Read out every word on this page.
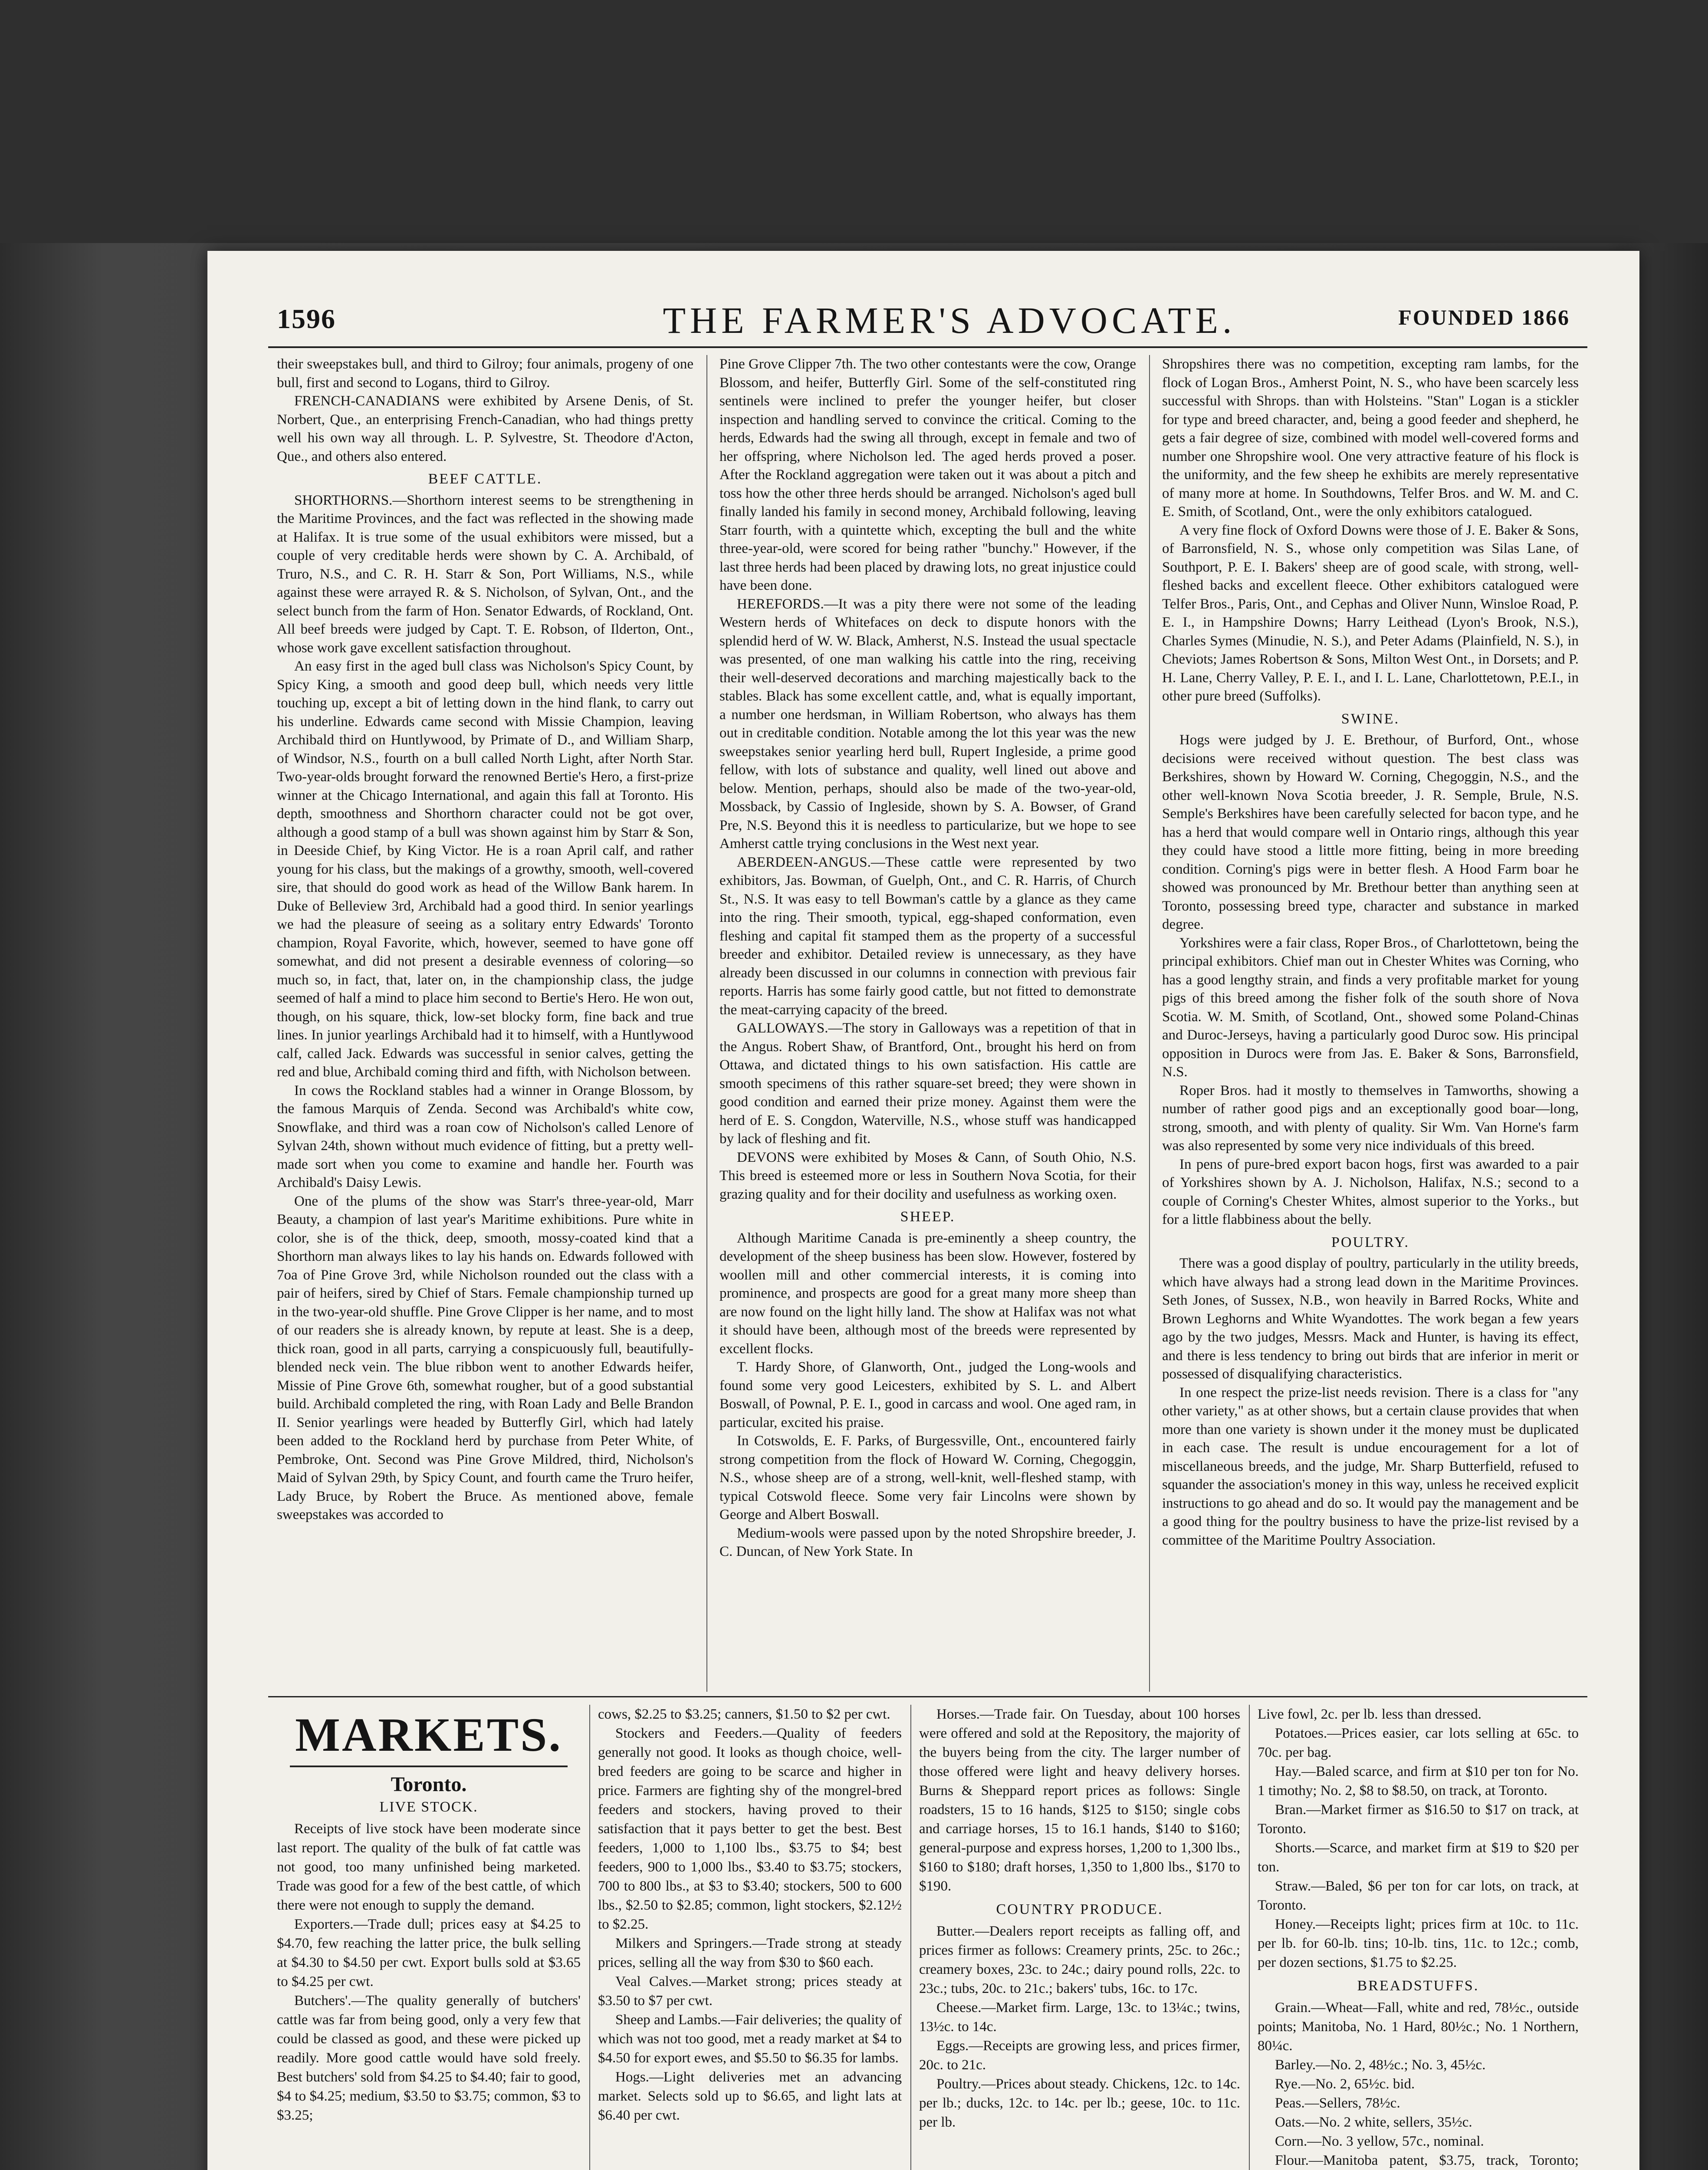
1596	THE FARMER'S ADVOCATE.	FOUNDED 1866

their sweepstakes bull, and third to Gilroy; four animals, progeny of one bull, first and second to Logans, third to Gilroy.

FRENCH-CANADIANS were exhibited by Arsene Denis, of St. Norbert, Que., an enterprising French-Canadian, who had things pretty well his own way all through. L. P. Sylvestre, St. Theodore d'Acton, Que., and others also entered.

BEEF CATTLE.

SHORTHORNS.—Shorthorn interest seems to be strengthening in the Maritime Provinces, and the fact was reflected in the showing made at Halifax. It is true some of the usual exhibitors were missed, but a couple of very creditable herds were shown by C. A. Archibald, of Truro, N.S., and C. R. H. Starr & Son, Port Williams, N.S., while against these were arrayed R. & S. Nicholson, of Sylvan, Ont., and the select bunch from the farm of Hon. Senator Edwards, of Rockland, Ont. All beef breeds were judged by Capt. T. E. Robson, of Ilderton, Ont., whose work gave excellent satisfaction throughout.

An easy first in the aged bull class was Nicholson's Spicy Count, by Spicy King, a smooth and good deep bull, which needs very little touching up, except a bit of letting down in the hind flank, to carry out his underline. Edwards came second with Missie Champion, leaving Archibald third on Huntlywood, by Primate of D., and William Sharp, of Windsor, N.S., fourth on a bull called North Light, after North Star. Two-year-olds brought forward the renowned Bertie's Hero, a first-prize winner at the Chicago International, and again this fall at Toronto. His depth, smoothness and Shorthorn character could not be got over, although a good stamp of a bull was shown against him by Starr & Son, in Deeside Chief, by King Victor. He is a roan April calf, and rather young for his class, but the makings of a growthy, smooth, well-covered sire, that should do good work as head of the Willow Bank harem. In Duke of Belleview 3rd, Archibald had a good third. In senior yearlings we had the pleasure of seeing as a solitary entry Edwards' Toronto champion, Royal Favorite, which, however, seemed to have gone off somewhat, and did not present a desirable evenness of coloring—so much so, in fact, that, later on, in the championship class, the judge seemed of half a mind to place him second to Bertie's Hero. He won out, though, on his square, thick, low-set blocky form, fine back and true lines. In junior yearlings Archibald had it to himself, with a Huntlywood calf, called Jack. Edwards was successful in senior calves, getting the red and blue, Archibald coming third and fifth, with Nicholson between.

In cows the Rockland stables had a winner in Orange Blossom, by the famous Marquis of Zenda. Second was Archibald's white cow, Snowflake, and third was a roan cow of Nicholson's called Lenore of Sylvan 24th, shown without much evidence of fitting, but a pretty well-made sort when you come to examine and handle her. Fourth was Archibald's Daisy Lewis.

One of the plums of the show was Starr's three-year-old, Marr Beauty, a champion of last year's Maritime exhibitions. Pure white in color, she is of the thick, deep, smooth, mossy-coated kind that a Shorthorn man always likes to lay his hands on. Edwards followed with 7oa of Pine Grove 3rd, while Nicholson rounded out the class with a pair of heifers, sired by Chief of Stars. Female championship turned up in the two-year-old shuffle. Pine Grove Clipper is her name, and to most of our readers she is already known, by repute at least. She is a deep, thick roan, good in all parts, carrying a conspicuously full, beautifully-blended neck vein. The blue ribbon went to another Edwards heifer, Missie of Pine Grove 6th, somewhat rougher, but of a good substantial build. Archibald completed the ring, with Roan Lady and Belle Brandon II. Senior yearlings were headed by Butterfly Girl, which had lately been added to the Rockland herd by purchase from Peter White, of Pembroke, Ont. Second was Pine Grove Mildred, third, Nicholson's Maid of Sylvan 29th, by Spicy Count, and fourth came the Truro heifer, Lady Bruce, by Robert the Bruce. As mentioned above, female sweepstakes was accorded to

Pine Grove Clipper 7th. The two other contestants were the cow, Orange Blossom, and heifer, Butterfly Girl. Some of the self-constituted ring sentinels were inclined to prefer the younger heifer, but closer inspection and handling served to convince the critical. Coming to the herds, Edwards had the swing all through, except in female and two of her offspring, where Nicholson led. The aged herds proved a poser. After the Rockland aggregation were taken out it was about a pitch and toss how the other three herds should be arranged. Nicholson's aged bull finally landed his family in second money, Archibald following, leaving Starr fourth, with a quintette which, excepting the bull and the white three-year-old, were scored for being rather "bunchy." However, if the last three herds had been placed by drawing lots, no great injustice could have been done.

HEREFORDS.—It was a pity there were not some of the leading Western herds of Whitefaces on deck to dispute honors with the splendid herd of W. W. Black, Amherst, N.S. Instead the usual spectacle was presented, of one man walking his cattle into the ring, receiving their well-deserved decorations and marching majestically back to the stables. Black has some excellent cattle, and, what is equally important, a number one herdsman, in William Robertson, who always has them out in creditable condition. Notable among the lot this year was the new sweepstakes senior yearling herd bull, Rupert Ingleside, a prime good fellow, with lots of substance and quality, well lined out above and below. Mention, perhaps, should also be made of the two-year-old, Mossback, by Cassio of Ingleside, shown by S. A. Bowser, of Grand Pre, N.S. Beyond this it is needless to particularize, but we hope to see Amherst cattle trying conclusions in the West next year.

ABERDEEN-ANGUS.—These cattle were represented by two exhibitors, Jas. Bowman, of Guelph, Ont., and C. R. Harris, of Church St., N.S. It was easy to tell Bowman's cattle by a glance as they came into the ring. Their smooth, typical, egg-shaped conformation, even fleshing and capital fit stamped them as the property of a successful breeder and exhibitor. Detailed review is unnecessary, as they have already been discussed in our columns in connection with previous fair reports. Harris has some fairly good cattle, but not fitted to demonstrate the meat-carrying capacity of the breed.

GALLOWAYS.—The story in Galloways was a repetition of that in the Angus. Robert Shaw, of Brantford, Ont., brought his herd on from Ottawa, and dictated things to his own satisfaction. His cattle are smooth specimens of this rather square-set breed; they were shown in good condition and earned their prize money. Against them were the herd of E. S. Congdon, Waterville, N.S., whose stuff was handicapped by lack of fleshing and fit.

DEVONS were exhibited by Moses & Cann, of South Ohio, N.S. This breed is esteemed more or less in Southern Nova Scotia, for their grazing quality and for their docility and usefulness as working oxen.

SHEEP.

Although Maritime Canada is pre-eminently a sheep country, the development of the sheep business has been slow. However, fostered by woollen mill and other commercial interests, it is coming into prominence, and prospects are good for a great many more sheep than are now found on the light hilly land. The show at Halifax was not what it should have been, although most of the breeds were represented by excellent flocks.

T. Hardy Shore, of Glanworth, Ont., judged the Long-wools and found some very good Leicesters, exhibited by S. L. and Albert Boswall, of Pownal, P. E. I., good in carcass and wool. One aged ram, in particular, excited his praise.

In Cotswolds, E. F. Parks, of Burgessville, Ont., encountered fairly strong competition from the flock of Howard W. Corning, Chegoggin, N.S., whose sheep are of a strong, well-knit, well-fleshed stamp, with typical Cotswold fleece. Some very fair Lincolns were shown by George and Albert Boswall.

Medium-wools were passed upon by the noted Shropshire breeder, J. C. Duncan, of New York State. In

Shropshires there was no competition, excepting ram lambs, for the flock of Logan Bros., Amherst Point, N. S., who have been scarcely less successful with Shrops. than with Holsteins. "Stan" Logan is a stickler for type and breed character, and, being a good feeder and shepherd, he gets a fair degree of size, combined with model well-covered forms and number one Shropshire wool. One very attractive feature of his flock is the uniformity, and the few sheep he exhibits are merely representative of many more at home. In Southdowns, Telfer Bros. and W. M. and C. E. Smith, of Scotland, Ont., were the only exhibitors catalogued.

A very fine flock of Oxford Downs were those of J. E. Baker & Sons, of Barronsfield, N. S., whose only competition was Silas Lane, of Southport, P. E. I. Bakers' sheep are of good scale, with strong, well-fleshed backs and excellent fleece. Other exhibitors catalogued were Telfer Bros., Paris, Ont., and Cephas and Oliver Nunn, Winsloe Road, P. E. I., in Hampshire Downs; Harry Leithead (Lyon's Brook, N.S.), Charles Symes (Minudie, N. S.), and Peter Adams (Plainfield, N. S.), in Cheviots; James Robertson & Sons, Milton West Ont., in Dorsets; and P. H. Lane, Cherry Valley, P. E. I., and I. L. Lane, Charlottetown, P.E.I., in other pure breed (Suffolks).

SWINE.

Hogs were judged by J. E. Brethour, of Burford, Ont., whose decisions were received without question. The best class was Berkshires, shown by Howard W. Corning, Chegoggin, N.S., and the other well-known Nova Scotia breeder, J. R. Semple, Brule, N.S. Semple's Berkshires have been carefully selected for bacon type, and he has a herd that would compare well in Ontario rings, although this year they could have stood a little more fitting, being in more breeding condition. Corning's pigs were in better flesh. A Hood Farm boar he showed was pronounced by Mr. Brethour better than anything seen at Toronto, possessing breed type, character and substance in marked degree.

Yorkshires were a fair class, Roper Bros., of Charlottetown, being the principal exhibitors. Chief man out in Chester Whites was Corning, who has a good lengthy strain, and finds a very profitable market for young pigs of this breed among the fisher folk of the south shore of Nova Scotia. W. M. Smith, of Scotland, Ont., showed some Poland-Chinas and Duroc-Jerseys, having a particularly good Duroc sow. His principal opposition in Durocs were from Jas. E. Baker & Sons, Barronsfield, N.S.

Roper Bros. had it mostly to themselves in Tamworths, showing a number of rather good pigs and an exceptionally good boar—long, strong, smooth, and with plenty of quality. Sir Wm. Van Horne's farm was also represented by some very nice individuals of this breed.

In pens of pure-bred export bacon hogs, first was awarded to a pair of Yorkshires shown by A. J. Nicholson, Halifax, N.S.; second to a couple of Corning's Chester Whites, almost superior to the Yorks., but for a little flabbiness about the belly.

POULTRY.

There was a good display of poultry, particularly in the utility breeds, which have always had a strong lead down in the Maritime Provinces. Seth Jones, of Sussex, N.B., won heavily in Barred Rocks, White and Brown Leghorns and White Wyandottes. The work began a few years ago by the two judges, Messrs. Mack and Hunter, is having its effect, and there is less tendency to bring out birds that are inferior in merit or possessed of disqualifying characteristics.

In one respect the prize-list needs revision. There is a class for "any other variety," as at other shows, but a certain clause provides that when more than one variety is shown under it the money must be duplicated in each case. The result is undue encouragement for a lot of miscellaneous breeds, and the judge, Mr. Sharp Butterfield, refused to squander the association's money in this way, unless he received explicit instructions to go ahead and do so. It would pay the management and be a good thing for the poultry business to have the prize-list revised by a committee of the Maritime Poultry Association.

MARKETS.
Toronto.
LIVE STOCK.

Receipts of live stock have been moderate since last report. The quality of the bulk of fat cattle was not good, too many unfinished being marketed. Trade was good for a few of the best cattle, of which there were not enough to supply the demand.

Exporters.—Trade dull; prices easy at $4.25 to $4.70, few reaching the latter price, the bulk selling at $4.30 to $4.50 per cwt. Export bulls sold at $3.65 to $4.25 per cwt.

Butchers'.—The quality generally of butchers' cattle was far from being good, only a very few that could be classed as good, and these were picked up readily. More good cattle would have sold freely. Best butchers' sold from $4.25 to $4.40; fair to good, $4 to $4.25; medium, $3.50 to $3.75; common, $3 to $3.25;

cows, $2.25 to $3.25; canners, $1.50 to $2 per cwt.

Stockers and Feeders.—Quality of feeders generally not good. It looks as though choice, well-bred feeders are going to be scarce and higher in price. Farmers are fighting shy of the mongrel-bred feeders and stockers, having proved to their satisfaction that it pays better to get the best. Best feeders, 1,000 to 1,100 lbs., $3.75 to $4; best feeders, 900 to 1,000 lbs., $3.40 to $3.75; stockers, 700 to 800 lbs., at $3 to $3.40; stockers, 500 to 600 lbs., $2.50 to $2.85; common, light stockers, $2.12½ to $2.25.

Milkers and Springers.—Trade strong at steady prices, selling all the way from $30 to $60 each.

Veal Calves.—Market strong; prices steady at $3.50 to $7 per cwt.

Sheep and Lambs.—Fair deliveries; the quality of which was not too good, met a ready market at $4 to $4.50 for export ewes, and $5.50 to $6.35 for lambs.

Hogs.—Light deliveries met an advancing market. Selects sold up to $6.65, and light lats at $6.40 per cwt.

Horses.—Trade fair. On Tuesday, about 100 horses were offered and sold at the Repository, the majority of the buyers being from the city. The larger number of those offered were light and heavy delivery horses. Burns & Sheppard report prices as follows: Single roadsters, 15 to 16 hands, $125 to $150; single cobs and carriage horses, 15 to 16.1 hands, $140 to $160; general-purpose and express horses, 1,200 to 1,300 lbs., $160 to $180; draft horses, 1,350 to 1,800 lbs., $170 to $190.

COUNTRY PRODUCE.

Butter.—Dealers report receipts as falling off, and prices firmer as follows: Creamery prints, 25c. to 26c.; creamery boxes, 23c. to 24c.; dairy pound rolls, 22c. to 23c.; tubs, 20c. to 21c.; bakers' tubs, 16c. to 17c.

Cheese.—Market firm. Large, 13c. to 13¼c.; twins, 13½c. to 14c.

Eggs.—Receipts are growing less, and prices firmer, 20c. to 21c.

Poultry.—Prices about steady. Chickens, 12c. to 14c. per lb.; ducks, 12c. to 14c. per lb.; geese, 10c. to 11c. per lb.

Live fowl, 2c. per lb. less than dressed.

Potatoes.—Prices easier, car lots selling at 65c. to 70c. per bag.

Hay.—Baled scarce, and firm at $10 per ton for No. 1 timothy; No. 2, $8 to $8.50, on track, at Toronto.

Bran.—Market firmer as $16.50 to $17 on track, at Toronto.

Shorts.—Scarce, and market firm at $19 to $20 per ton.

Straw.—Baled, $6 per ton for car lots, on track, at Toronto.

Honey.—Receipts light; prices firm at 10c. to 11c. per lb. for 60-lb. tins; 10-lb. tins, 11c. to 12c.; comb, per dozen sections, $1.75 to $2.25.

BREADSTUFFS.

Grain.—Wheat—Fall, white and red, 78½c., outside points; Manitoba, No. 1 Hard, 80½c.; No. 1 Northern, 80¼c.

Barley.—No. 2, 48½c.; No. 3, 45½c.

Rye.—No. 2, 65½c. bid.

Peas.—Sellers, 78½c.

Oats.—No. 2 white, sellers, 35½c.

Corn.—No. 3 yellow, 57c., nominal.

Flour.—Manitoba patent, $3.75, track, Toronto;
